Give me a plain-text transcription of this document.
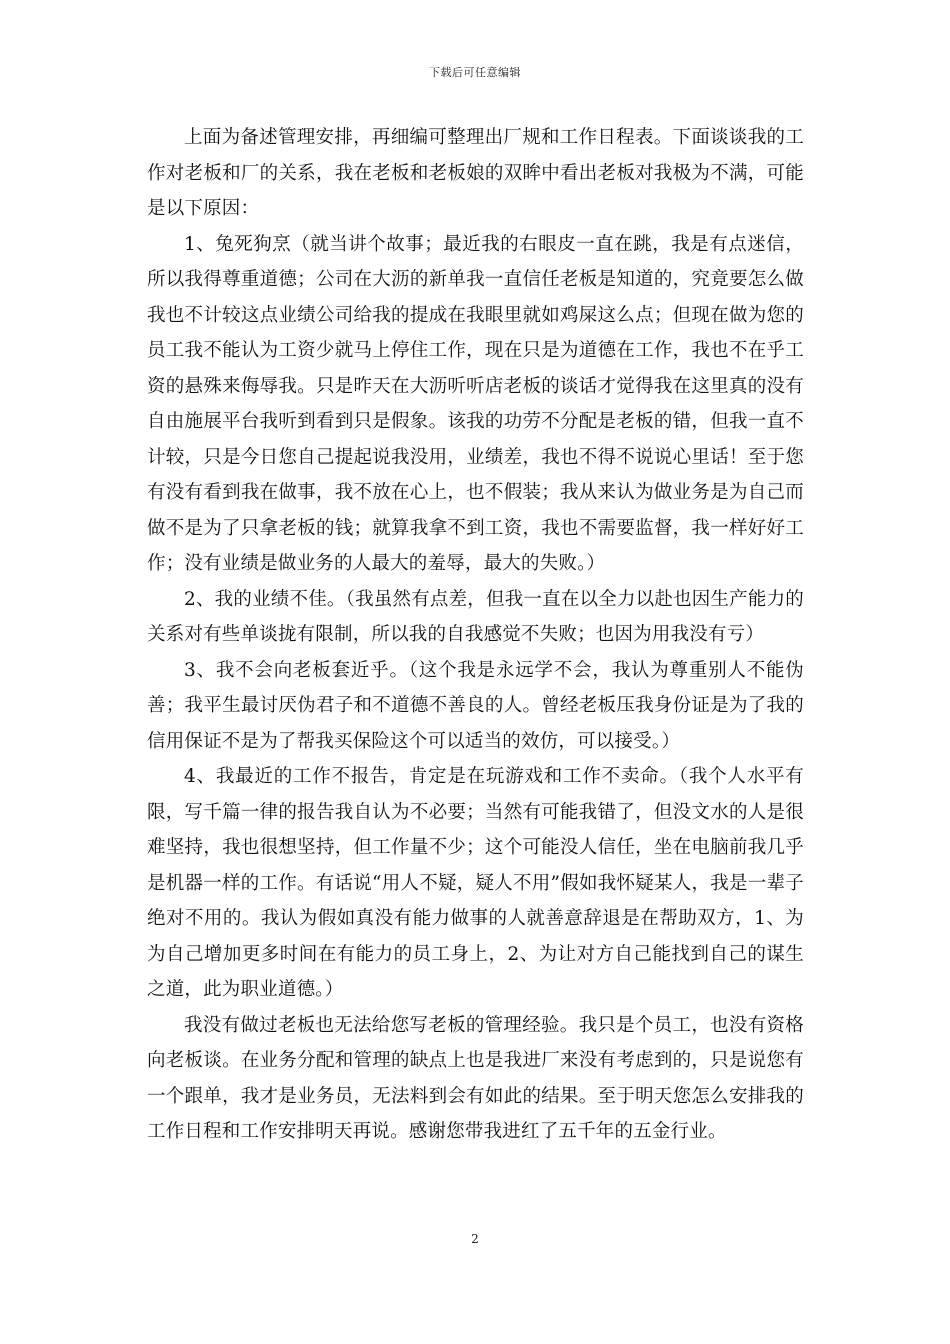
下载后可任意编辑

上面为备述管理安排，再细编可整理出厂规和工作日程表。下面谈谈我的工作对老板和厂的关系，我在老板和老板娘的双眸中看出老板对我极为不满，可能是以下原因：

1、兔死狗烹（就当讲个故事；最近我的右眼皮一直在跳，我是有点迷信，所以我得尊重道德；公司在大沥的新单我一直信任老板是知道的，究竟要怎么做我也不计较这点业绩公司给我的提成在我眼里就如鸡屎这么点；但现在做为您的员工我不能认为工资少就马上停住工作，现在只是为道德在工作，我也不在乎工资的悬殊来侮辱我。只是昨天在大沥听听店老板的谈话才觉得我在这里真的没有自由施展平台我听到看到只是假象。该我的功劳不分配是老板的错，但我一直不计较，只是今日您自己提起说我没用，业绩差，我也不得不说说心里话！至于您有没有看到我在做事，我不放在心上，也不假装；我从来认为做业务是为自己而做不是为了只拿老板的钱；就算我拿不到工资，我也不需要监督，我一样好好工作；没有业绩是做业务的人最大的羞辱，最大的失败。）

2、我的业绩不佳。（我虽然有点差，但我一直在以全力以赴也因生产能力的关系对有些单谈拢有限制，所以我的自我感觉不失败；也因为用我没有亏）

3、我不会向老板套近乎。（这个我是永远学不会，我认为尊重别人不能伪善；我平生最讨厌伪君子和不道德不善良的人。曾经老板压我身份证是为了我的信用保证不是为了帮我买保险这个可以适当的效仿，可以接受。）

4、我最近的工作不报告，肯定是在玩游戏和工作不卖命。（我个人水平有限，写千篇一律的报告我自认为不必要；当然有可能我错了，但没文水的人是很难坚持，我也很想坚持，但工作量不少；这个可能没人信任，坐在电脑前我几乎是机器一样的工作。有话说“用人不疑，疑人不用”假如我怀疑某人，我是一辈子绝对不用的。我认为假如真没有能力做事的人就善意辞退是在帮助双方，1、为为自己增加更多时间在有能力的员工身上，2、为让对方自己能找到自己的谋生之道，此为职业道德。）

我没有做过老板也无法给您写老板的管理经验。我只是个员工，也没有资格向老板谈。在业务分配和管理的缺点上也是我进厂来没有考虑到的，只是说您有一个跟单，我才是业务员，无法料到会有如此的结果。至于明天您怎么安排我的工作日程和工作安排明天再说。感谢您带我进红了五千年的五金行业。

2
